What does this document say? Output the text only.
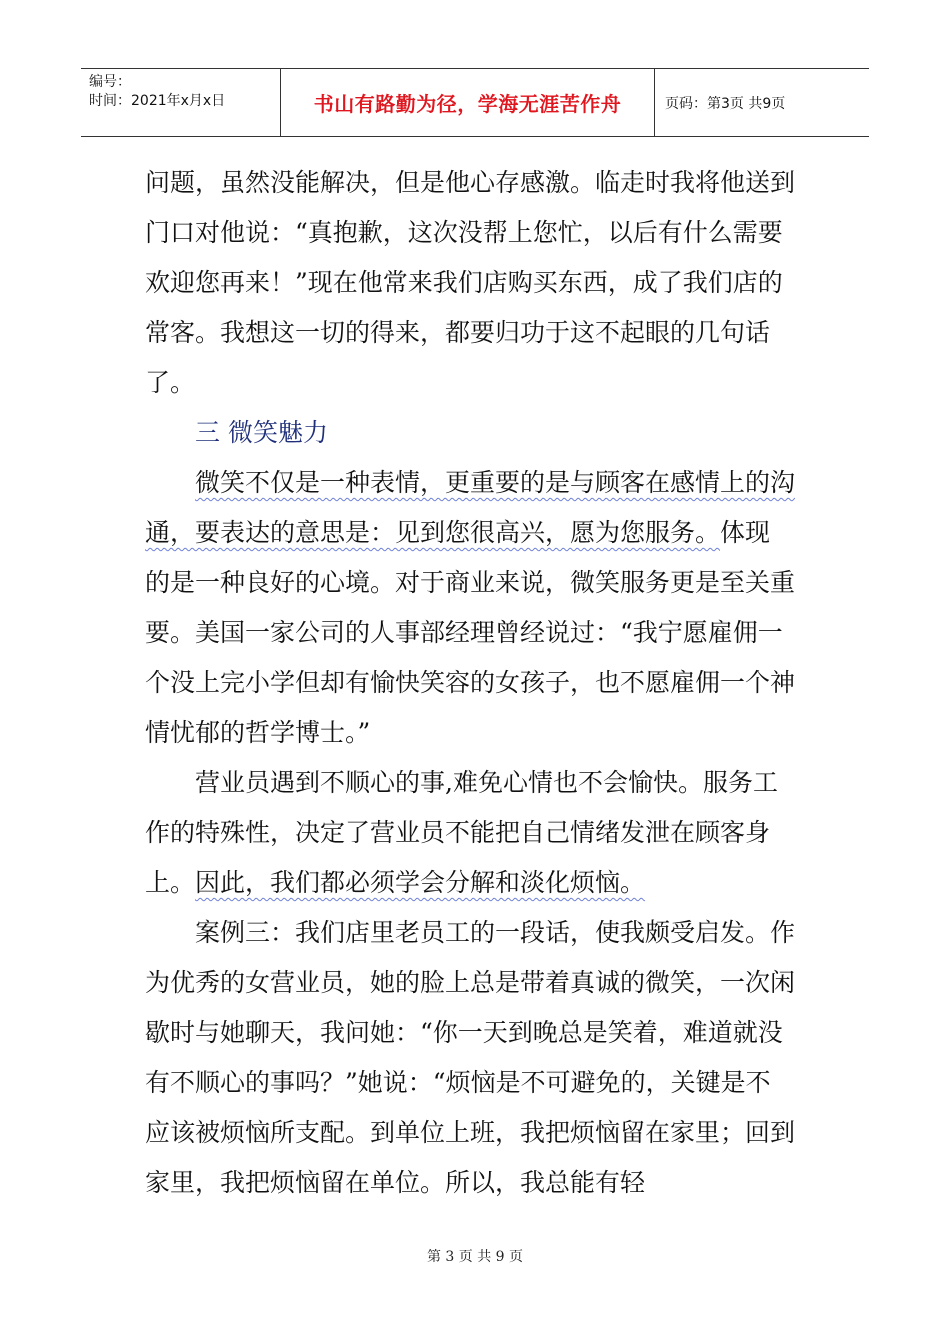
编号：
时间：2021年x月x日	书山有路勤为径，学海无涯苦作舟	页码：第3页 共9页

问题，虽然没能解决，但是他心存感激。临走时我将他送到门口对他说：“真抱歉，这次没帮上您忙，以后有什么需要欢迎您再来！”现在他常来我们店购买东西，成了我们店的常客。我想这一切的得来，都要归功于这不起眼的几句话了。

三 微笑魅力

微笑不仅是一种表情，更重要的是与顾客在感情上的沟通，要表达的意思是：见到您很高兴，愿为您服务。体现的是一种良好的心境。对于商业来说，微笑服务更是至关重要。美国一家公司的人事部经理曾经说过：“我宁愿雇佣一个没上完小学但却有愉快笑容的女孩子，也不愿雇佣一个神情忧郁的哲学博士。”

营业员遇到不顺心的事,难免心情也不会愉快。服务工作的特殊性，决定了营业员不能把自己情绪发泄在顾客身上。因此，我们都必须学会分解和淡化烦恼。

案例三：我们店里老员工的一段话，使我颇受启发。作为优秀的女营业员，她的脸上总是带着真诚的微笑，一次闲歇时与她聊天，我问她：“你一天到晚总是笑着，难道就没有不顺心的事吗？”她说：“烦恼是不可避免的，关键是不应该被烦恼所支配。到单位上班，我把烦恼留在家里；回到家里，我把烦恼留在单位。所以，我总能有轻

第 3 页 共 9 页
